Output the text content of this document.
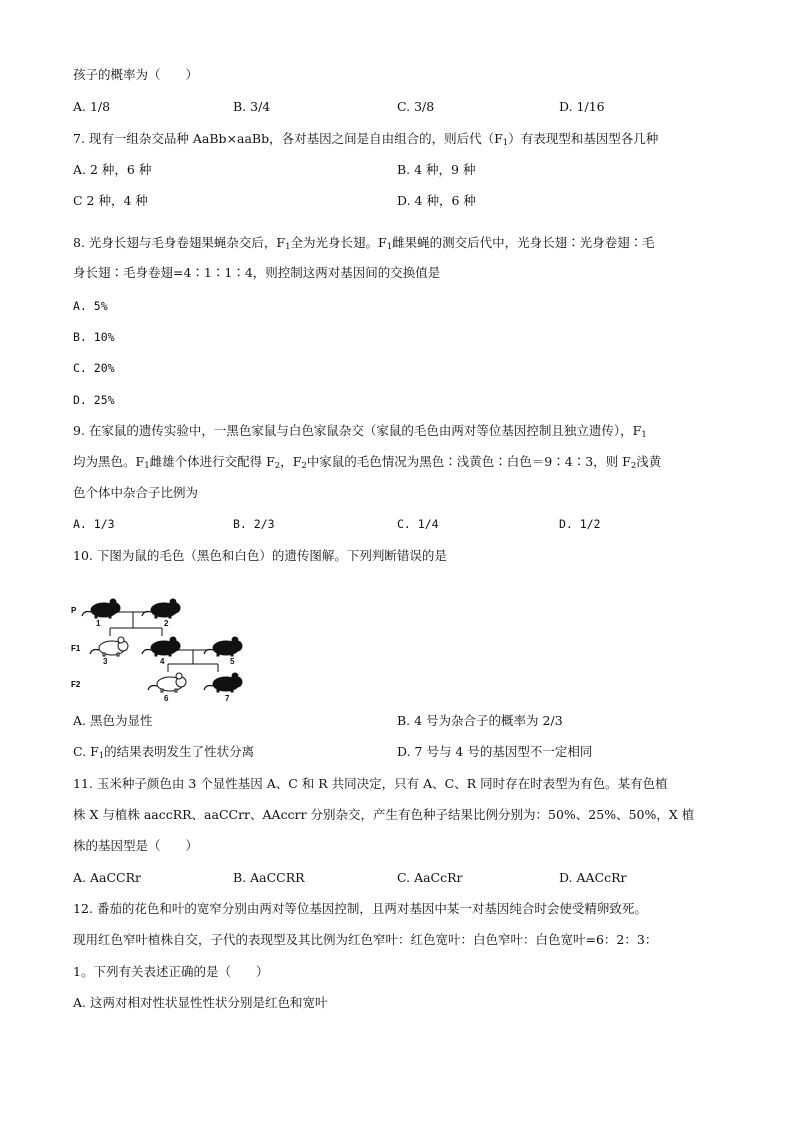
孩子的概率为（　　）
A. 1/8	B. 3/4	C. 3/8	D. 1/16
7. 现有一组杂交品种 AaBb×aaBb，各对基因之间是自由组合的，则后代$(F_1)$有表现型和基因型各几种
A. 2 种，6 种	B. 4 种，9 种
C 2 种，4 种	D. 4 种，6 种
8. 光身长翅与毛身卷翅果蝇杂交后，$F_1$全为光身长翅。$F_1$雌果蝇的测交后代中，光身长翅∶光身卷翅∶毛
身长翅∶毛身卷翅=4∶1∶1∶4，则控制这两对基因间的交换值是
A. 5%
B. 10%
C. 20%
D. 25%
9. 在家鼠的遗传实验中，一黑色家鼠与白色家鼠杂交（家鼠的毛色由两对等位基因控制且独立遗传），$F_1$
均为黑色。$F_1$雌雄个体进行交配得 $F_2$，$F_2$中家鼠的毛色情况为黑色∶浅黄色∶白色＝9∶4∶3，则 $F_2$浅黄
色个体中杂合子比例为
A. 1/3	B. 2/3	C. 1/4	D. 1/2
10. 下图为鼠的毛色（黑色和白色）的遗传图解。下列判断错误的是
P
F1
F2
1	2
3	4	5
6	7
A. 黑色为显性	B. 4 号为杂合子的概率为 2/3
C. $F_1$的结果表明发生了性状分离	D. 7 号与 4 号的基因型不一定相同
11. 玉米种子颜色由 3 个显性基因 A、C 和 R 共同决定，只有 A、C、R 同时存在时表型为有色。某有色植
株 X 与植株 aaccRR、aaCCrr、AAccrr 分别杂交，产生有色种子结果比例分别为：50%、25%、50%，X 植
株的基因型是（　　）
A. AaCCRr	B. AaCCRR	C. AaCcRr	D. AACcRr
12. 番茄的花色和叶的宽窄分别由两对等位基因控制，且两对基因中某一对基因纯合时会使受精卵致死。
现用红色窄叶植株自交，子代的表现型及其比例为红色窄叶：红色宽叶：白色窄叶：白色宽叶=6：2：3：
1。下列有关表述正确的是（　　）
A. 这两对相对性状显性性状分别是红色和宽叶
